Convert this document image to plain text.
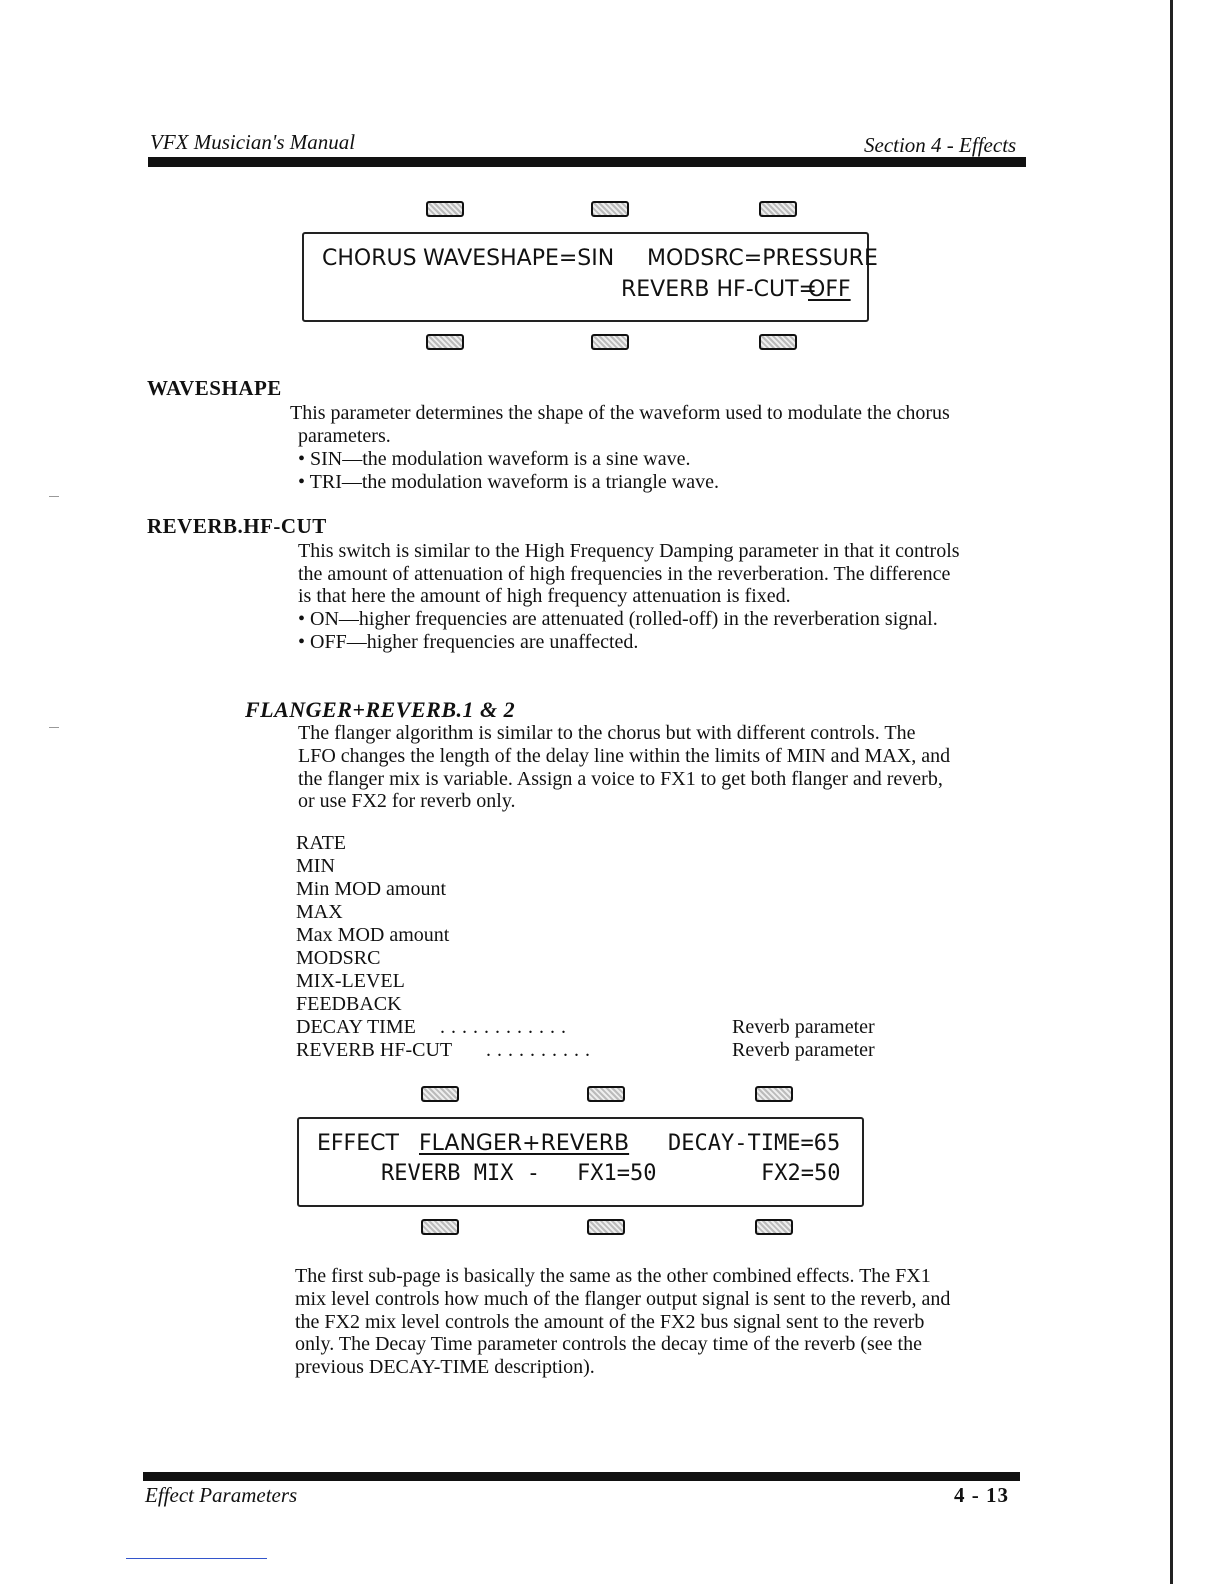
VFX Musician's Manual	Section 4 - Effects
CHORUS WAVESHAPE=SIN MODSRC=PRESSURE
REVERB HF-CUT=
OFF
WAVESHAPE
This parameter determines the shape of the waveform used to modulate the chorus
parameters.
• SIN—the modulation waveform is a sine wave.
• TRI—the modulation waveform is a triangle wave.
REVERB.HF-CUT
This switch is similar to the High Frequency Damping parameter in that it controls
the amount of attenuation of high frequencies in the reverberation. The difference
is that here the amount of high frequency attenuation is fixed.
• ON—higher frequencies are attenuated (rolled-off) in the reverberation signal.
• OFF—higher frequencies are unaffected.
FLANGER+REVERB.1 & 2
The flanger algorithm is similar to the chorus but with different controls. The
LFO changes the length of the delay line within the limits of MIN and MAX, and
the flanger mix is variable. Assign a voice to FX1 to get both flanger and reverb,
or use FX2 for reverb only.
RATE
MIN
Min MOD amount
MAX
Max MOD amount
MODSRC
MIX-LEVEL
FEEDBACK
DECAY TIME ............	Reverb parameter
REVERB HF-CUT ..........	Reverb parameter
EFFECT FLANGER+REVERB DECAY-TIME=65
REVERB MIX - FX1=50	FX2=50
The first sub-page is basically the same as the other combined effects. The FX1
mix level controls how much of the flanger output signal is sent to the reverb, and
the FX2 mix level controls the amount of the FX2 bus signal sent to the reverb
only. The Decay Time parameter controls the decay time of the reverb (see the
previous DECAY-TIME description).
Effect Parameters	4 - 13
